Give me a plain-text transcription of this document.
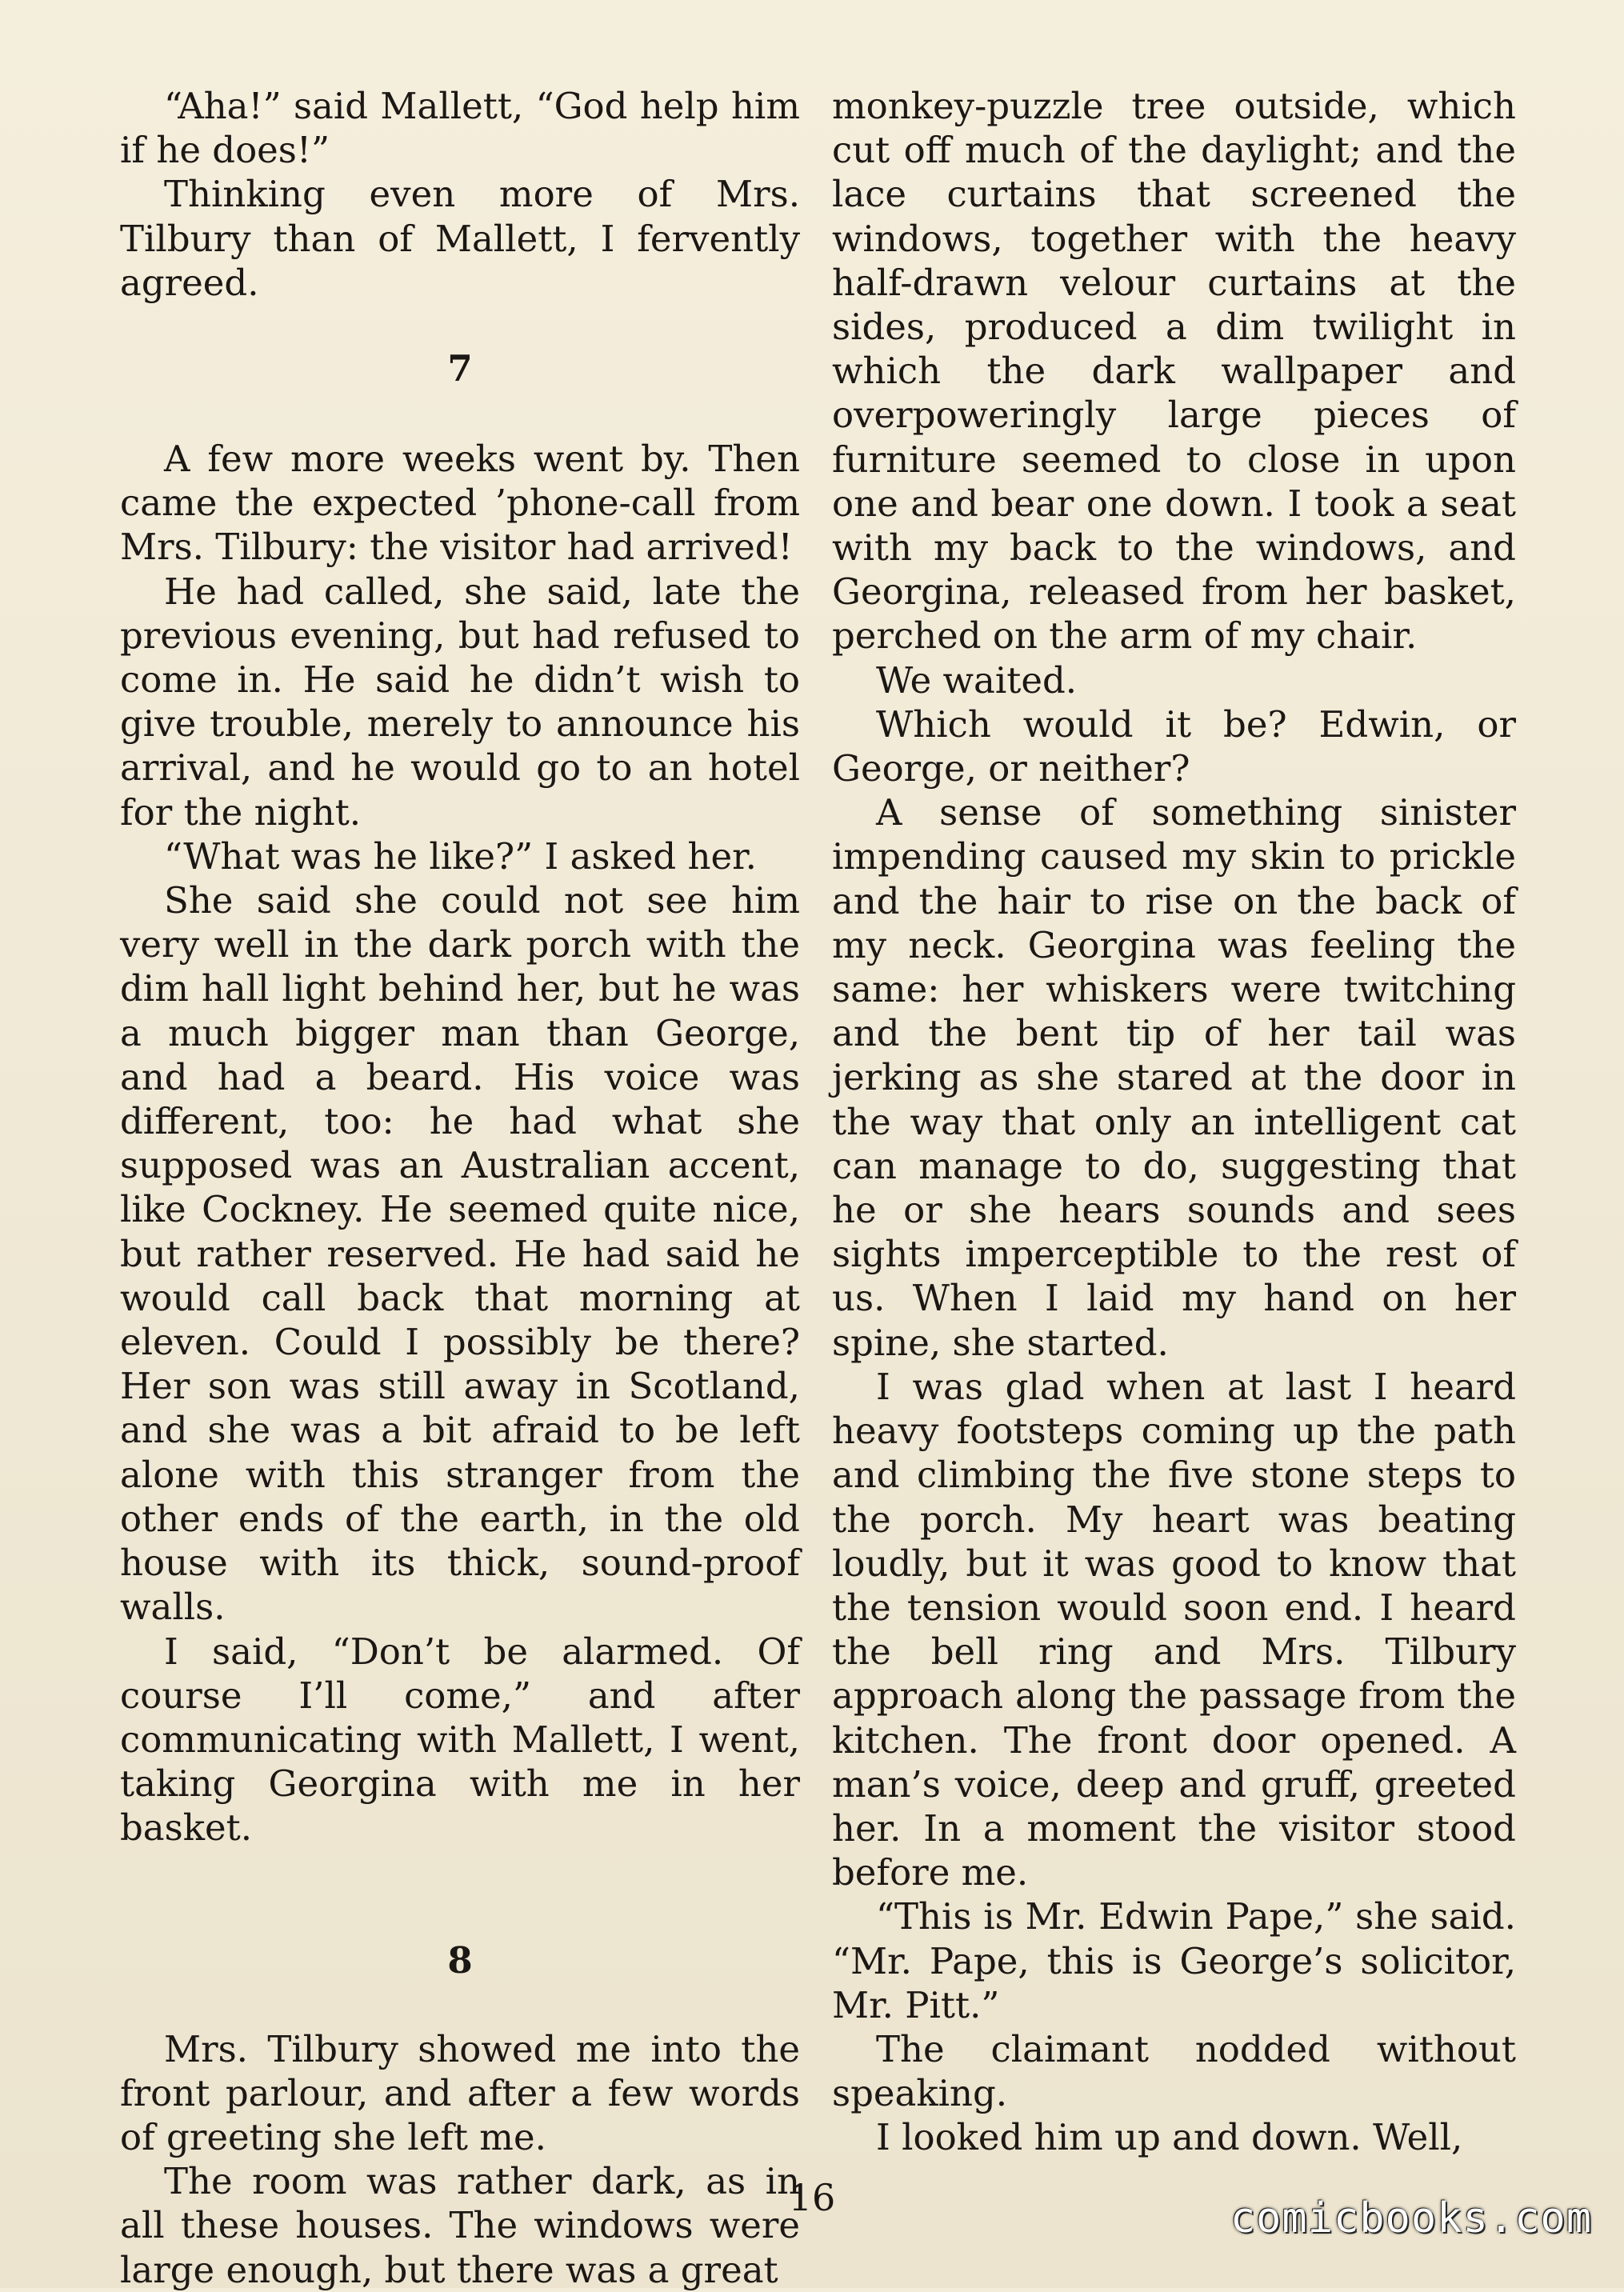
“Aha!” said Mallett, “God help him if he does!”

Thinking even more of Mrs. Tilbury than of Mallett, I fervently agreed.

7

A few more weeks went by. Then came the expected ’phone-call from Mrs. Tilbury: the visitor had arrived!

He had called, she said, late the previous evening, but had refused to come in. He said he didn’t wish to give trouble, merely to announce his arrival, and he would go to an hotel for the night.

“What was he like?” I asked her.

She said she could not see him very well in the dark porch with the dim hall light behind her, but he was a much bigger man than George, and had a beard. His voice was different, too: he had what she supposed was an Australian accent, like Cockney. He seemed quite nice, but rather reserved. He had said he would call back that morning at eleven. Could I possibly be there? Her son was still away in Scotland, and she was a bit afraid to be left alone with this stranger from the other ends of the earth, in the old house with its thick, sound-proof walls.

I said, “Don’t be alarmed. Of course I’ll come,” and after communicating with Mallett, I went, taking Georgina with me in her basket.

8

Mrs. Tilbury showed me into the front parlour, and after a few words of greeting she left me.

The room was rather dark, as in all these houses. The windows were large enough, but there was a great

monkey-puzzle tree outside, which cut off much of the daylight; and the lace curtains that screened the windows, together with the heavy half-drawn velour curtains at the sides, produced a dim twilight in which the dark wallpaper and overpoweringly large pieces of furniture seemed to close in upon one and bear one down. I took a seat with my back to the windows, and Georgina, released from her basket, perched on the arm of my chair.

We waited.

Which would it be? Edwin, or George, or neither?

A sense of something sinister impending caused my skin to prickle and the hair to rise on the back of my neck. Georgina was feeling the same: her whiskers were twitching and the bent tip of her tail was jerking as she stared at the door in the way that only an intelligent cat can manage to do, suggesting that he or she hears sounds and sees sights imperceptible to the rest of us. When I laid my hand on her spine, she started.

I was glad when at last I heard heavy footsteps coming up the path and climbing the five stone steps to the porch. My heart was beating loudly, but it was good to know that the tension would soon end. I heard the bell ring and Mrs. Tilbury approach along the passage from the kitchen. The front door opened. A man’s voice, deep and gruff, greeted her. In a moment the visitor stood before me.

“This is Mr. Edwin Pape,” she said. “Mr. Pape, this is George’s solicitor, Mr. Pitt.”

The claimant nodded without speaking.

I looked him up and down. Well,

16	comicbooks.com
